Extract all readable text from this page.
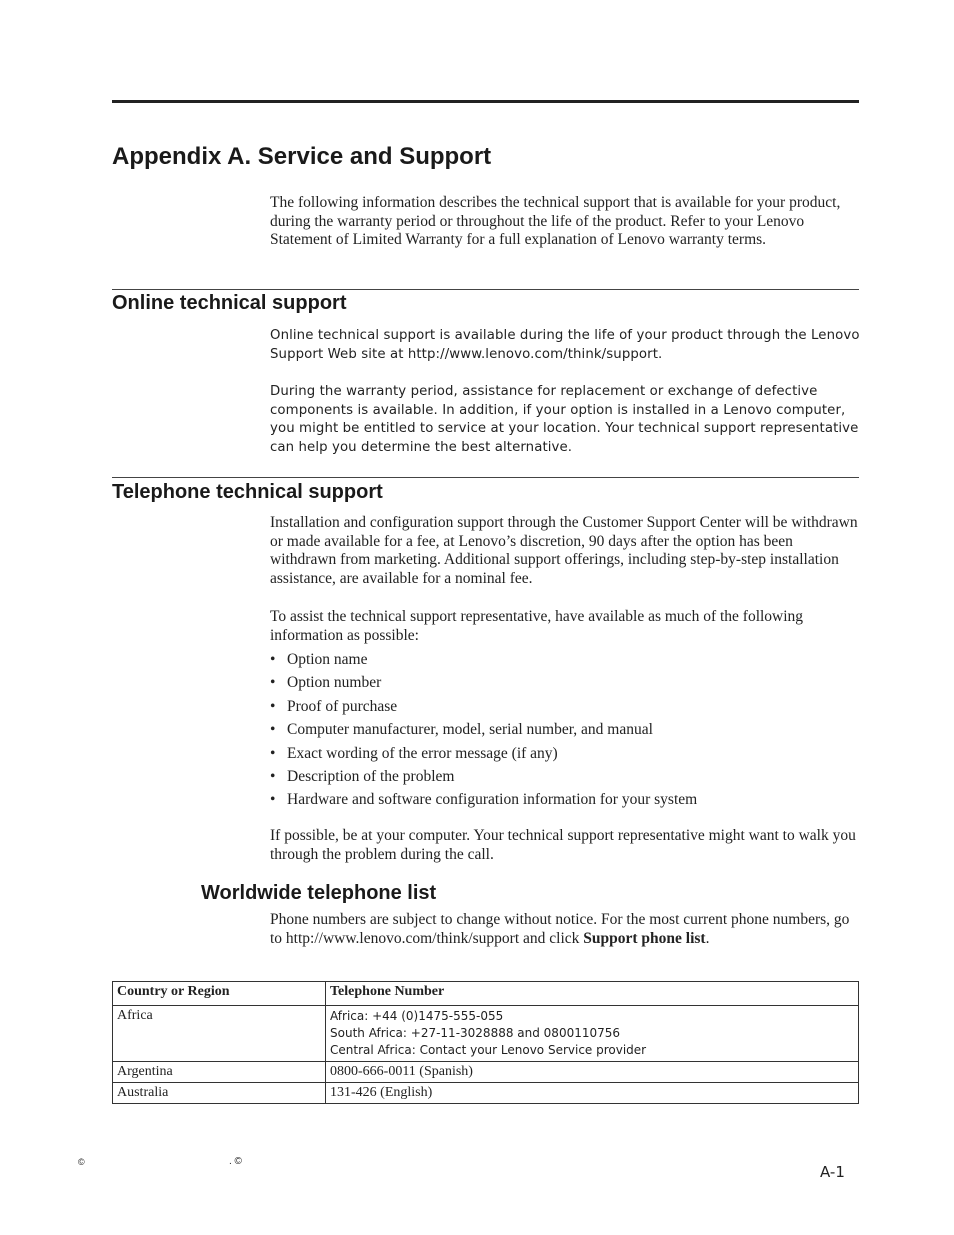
Appendix A. Service and Support

The following information describes the technical support that is available for your product, during the warranty period or throughout the life of the product. Refer to your Lenovo Statement of Limited Warranty for a full explanation of Lenovo warranty terms.

Online technical support

Online technical support is available during the life of your product through the Lenovo Support Web site at http://www.lenovo.com/think/support.

During the warranty period, assistance for replacement or exchange of defective components is available. In addition, if your option is installed in a Lenovo computer, you might be entitled to service at your location. Your technical support representative can help you determine the best alternative.

Telephone technical support

Installation and configuration support through the Customer Support Center will be withdrawn or made available for a fee, at Lenovo’s discretion, 90 days after the option has been withdrawn from marketing. Additional support offerings, including step-by-step installation assistance, are available for a nominal fee.

To assist the technical support representative, have available as much of the following information as possible:

• Option name
• Option number
• Proof of purchase
• Computer manufacturer, model, serial number, and manual
• Exact wording of the error message (if any)
• Description of the problem
• Hardware and software configuration information for your system

If possible, be at your computer. Your technical support representative might want to walk you through the problem during the call.

Worldwide telephone list

Phone numbers are subject to change without notice. For the most current phone numbers, go to http://www.lenovo.com/think/support and click Support phone list.

Country or Region	Telephone Number
Africa	Africa: +44 (0)1475-555-055
South Africa: +27-11-3028888 and 0800110756
Central Africa: Contact your Lenovo Service provider

Argentina	0800-666-0011 (Spanish)

Australia	131-426 (English)
©	. ©
A-1
